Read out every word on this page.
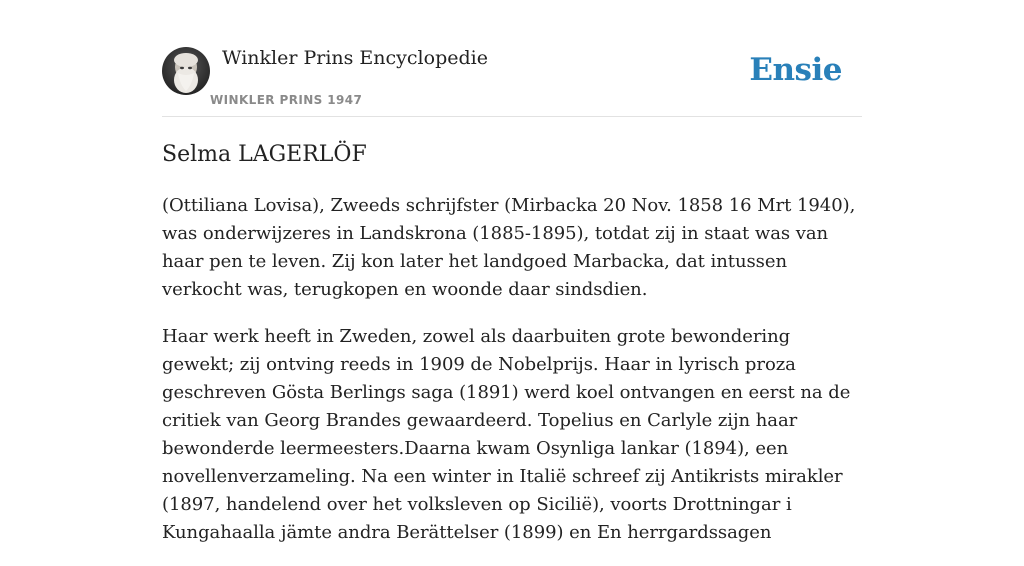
Winkler Prins Encyclopedie
WINKLER PRINS 1947
Ensie
Selma LAGERLÖF

(Ottiliana Lovisa), Zweeds schrijfster (Mirbacka 20 Nov. 1858 16 Mrt 1940), was onderwijzeres in Landskrona (1885-1895), totdat zij in staat was van haar pen te leven. Zij kon later het landgoed Marbacka, dat intussen verkocht was, terugkopen en woonde daar sindsdien.

Haar werk heeft in Zweden, zowel als daarbuiten grote bewondering gewekt; zij ontving reeds in 1909 de Nobelprijs. Haar in lyrisch proza geschreven Gösta Berlings saga (1891) werd koel ontvangen en eerst na de critiek van Georg Brandes gewaardeerd. Topelius en Carlyle zijn haar bewonderde leermeesters.Daarna kwam Osynliga lankar (1894), een novellenverzameling. Na een winter in Italië schreef zij Antikrists mirakler (1897, handelend over het volksleven op Sicilië), voorts Drottningar i Kungahaalla jämte andra Berättelser (1899) en En herrgardssagen
